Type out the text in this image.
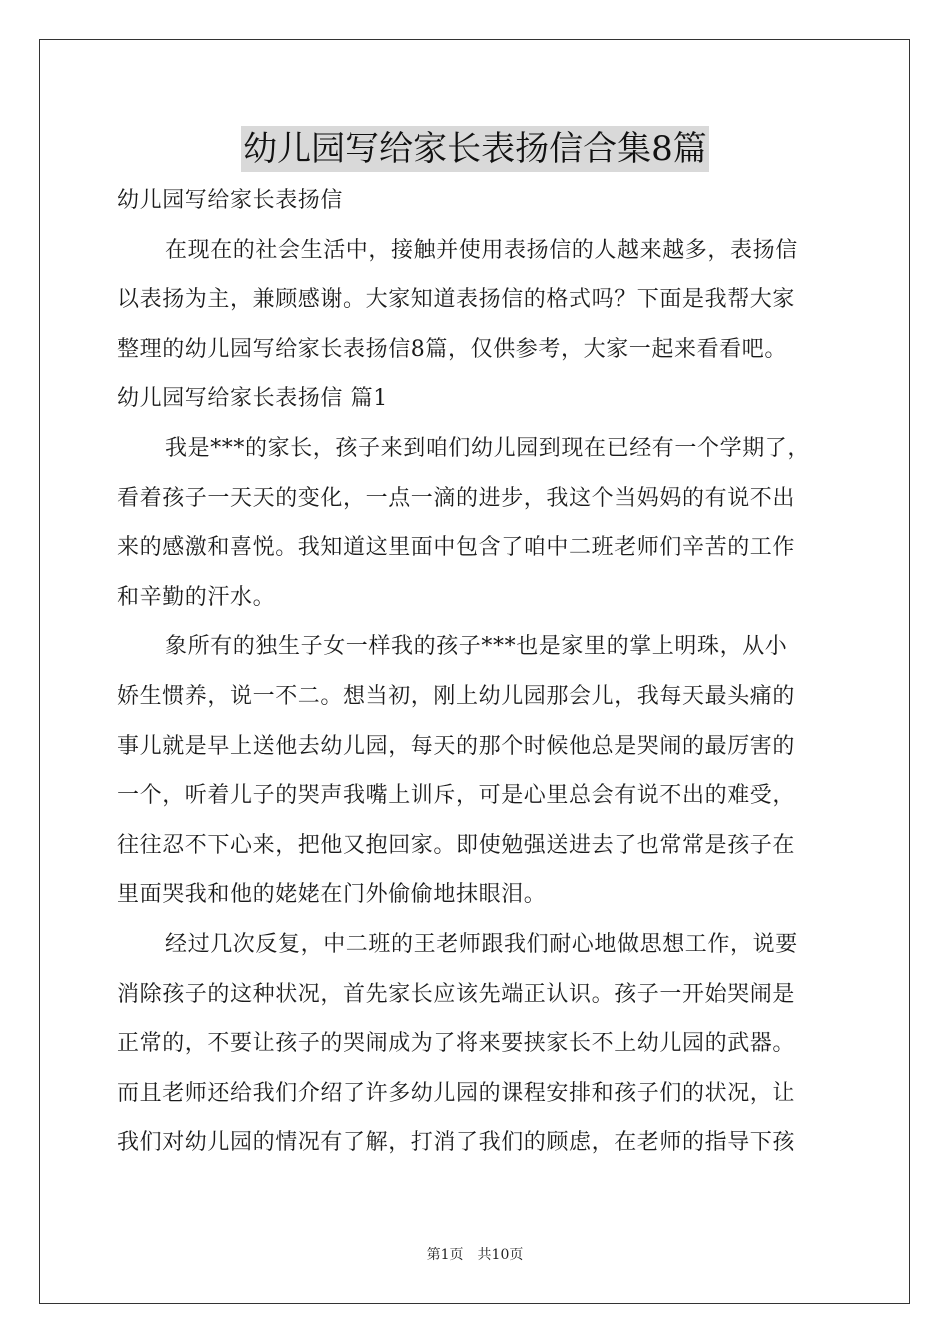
幼儿园写给家长表扬信合集8篇
幼儿园写给家长表扬信
在现在的社会生活中，接触并使用表扬信的人越来越多，表扬信
以表扬为主，兼顾感谢。大家知道表扬信的格式吗？下面是我帮大家
整理的幼儿园写给家长表扬信8篇，仅供参考，大家一起来看看吧。
幼儿园写给家长表扬信 篇1
我是***的家长，孩子来到咱们幼儿园到现在已经有一个学期了，
看着孩子一天天的变化，一点一滴的进步，我这个当妈妈的有说不出
来的感激和喜悦。我知道这里面中包含了咱中二班老师们辛苦的工作
和辛勤的汗水。
象所有的独生子女一样我的孩子***也是家里的掌上明珠，从小
娇生惯养，说一不二。想当初，刚上幼儿园那会儿，我每天最头痛的
事儿就是早上送他去幼儿园，每天的那个时候他总是哭闹的最厉害的
一个，听着儿子的哭声我嘴上训斥，可是心里总会有说不出的难受，
往往忍不下心来，把他又抱回家。即使勉强送进去了也常常是孩子在
里面哭我和他的姥姥在门外偷偷地抹眼泪。
经过几次反复，中二班的王老师跟我们耐心地做思想工作，说要
消除孩子的这种状况，首先家长应该先端正认识。孩子一开始哭闹是
正常的，不要让孩子的哭闹成为了将来要挟家长不上幼儿园的武器。
而且老师还给我们介绍了许多幼儿园的课程安排和孩子们的状况，让
我们对幼儿园的情况有了解，打消了我们的顾虑，在老师的指导下孩
第1页 共10页
